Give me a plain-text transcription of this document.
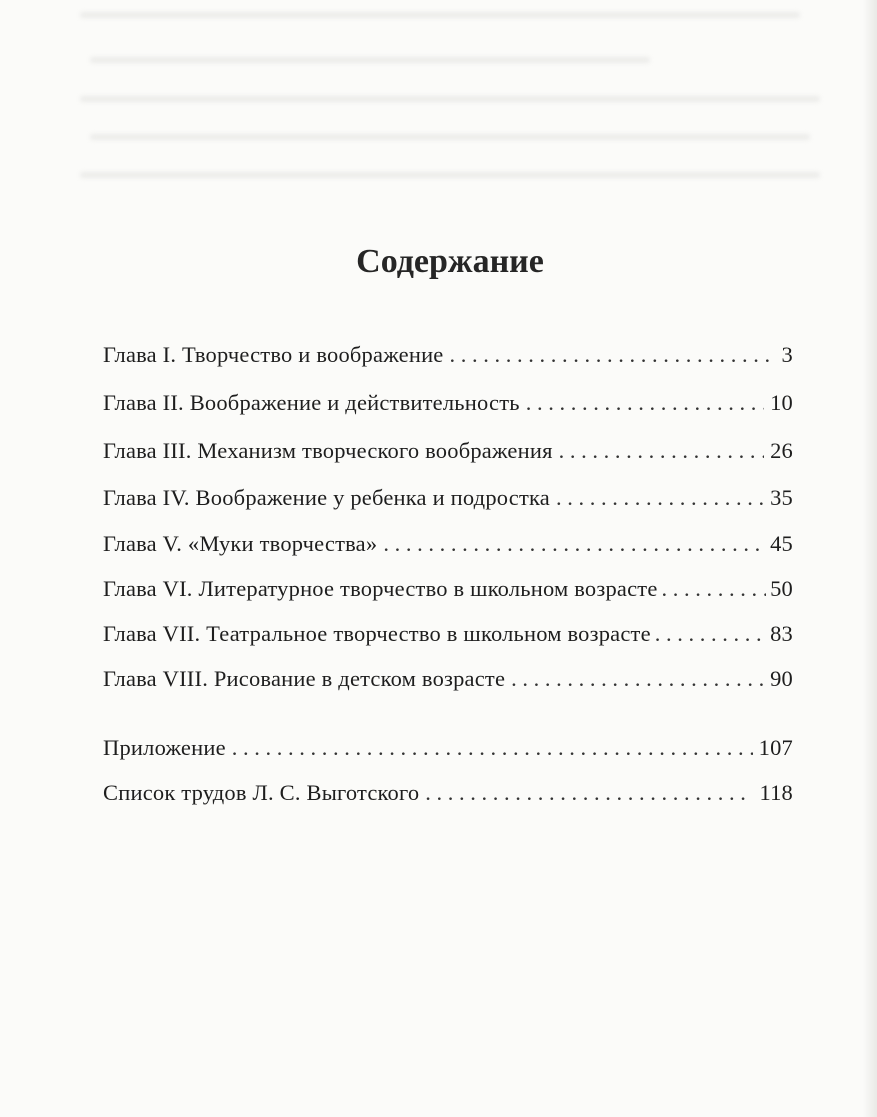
Содержание
Глава I. Творчество и воображение . . .	3
Глава II. Воображение и действительность . . .	10
Глава III. Механизм творческого воображения . . .	26
Глава IV. Воображение у ребенка и подростка . . .	35
Глава V. «Муки творчества» . . .	45
Глава VI. Литературное творчество в школьном возрасте . . .	50
Глава VII. Театральное творчество в школьном возрасте . . .	83
Глава VIII. Рисование в детском возрасте . . .	90
Приложение . . .	107
Список трудов Л. С. Выготского . . .	118
